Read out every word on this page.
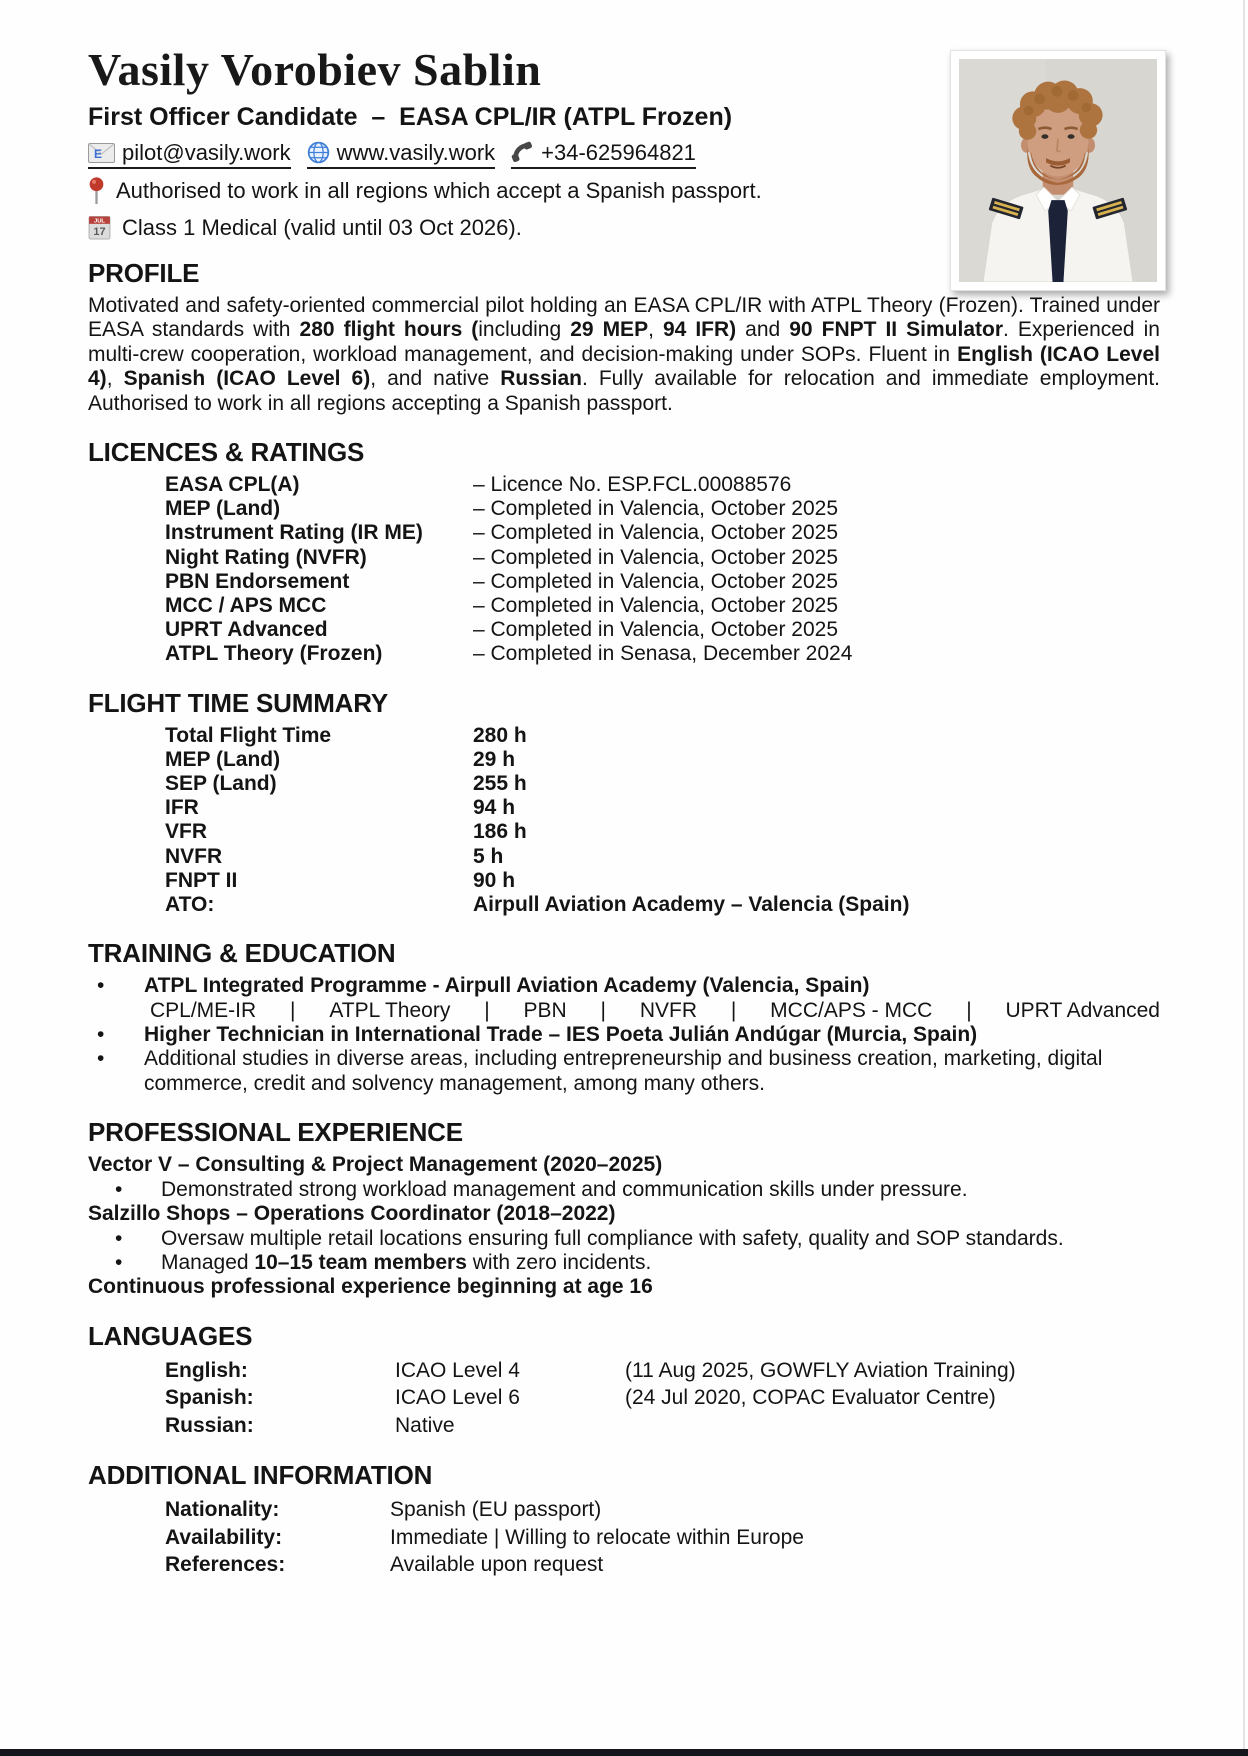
Vasily Vorobiev Sablin
First Officer Candidate  –  EASA CPL/IR (ATPL Frozen)
E pilot@vasily.work www.vasily.work +34-625964821
Authorised to work in all regions which accept a Spanish passport.
JUL
17 Class 1 Medical (valid until 03 Oct 2026).
PROFILE
Motivated and safety-oriented commercial pilot holding an EASA CPL/IR with ATPL Theory (Frozen). Trained under EASA standards with 280 flight hours (including 29 MEP, 94 IFR) and 90 FNPT II Simulator. Experienced in multi-crew cooperation, workload management, and decision-making under SOPs. Fluent in English (ICAO Level 4), Spanish (ICAO Level 6), and native Russian. Fully available for relocation and immediate employment. Authorised to work in all regions accepting a Spanish passport.
LICENCES & RATINGS
EASA CPL(A)	– Licence No. ESP.FCL.00088576
MEP (Land)	– Completed in Valencia, October 2025
Instrument Rating (IR ME)	– Completed in Valencia, October 2025
Night Rating (NVFR)	– Completed in Valencia, October 2025
PBN Endorsement	– Completed in Valencia, October 2025
MCC / APS MCC	– Completed in Valencia, October 2025
UPRT Advanced	– Completed in Valencia, October 2025
ATPL Theory (Frozen)	– Completed in Senasa, December 2024
FLIGHT TIME SUMMARY
Total Flight Time	280 h
MEP (Land)	29 h
SEP (Land)	255 h
IFR	94 h
VFR	186 h
NVFR	5 h
FNPT II	90 h
ATO:	Airpull Aviation Academy – Valencia (Spain)
TRAINING & EDUCATION
•	ATPL Integrated Programme - Airpull Aviation Academy (Valencia, Spain)
CPL/ME-IR | ATPL Theory | PBN | NVFR | MCC/APS - MCC | UPRT Advanced
•	Higher Technician in International Trade – IES Poeta Julián Andúgar (Murcia, Spain)
•	Additional studies in diverse areas, including entrepreneurship and business creation, marketing, digital commerce, credit and solvency management, among many others.
PROFESSIONAL EXPERIENCE
Vector V – Consulting & Project Management (2020–2025)
•	Demonstrated strong workload management and communication skills under pressure.
Salzillo Shops – Operations Coordinator (2018–2022)
•	Oversaw multiple retail locations ensuring full compliance with safety, quality and SOP standards.
•	Managed 10–15 team members with zero incidents.
Continuous professional experience beginning at age 16
LANGUAGES
English:	ICAO Level 4	(11 Aug 2025, GOWFLY Aviation Training)
Spanish:	ICAO Level 6	(24 Jul 2020, COPAC Evaluator Centre)
Russian:	Native
ADDITIONAL INFORMATION
Nationality:	Spanish (EU passport)
Availability:	Immediate | Willing to relocate within Europe
References:	Available upon request
